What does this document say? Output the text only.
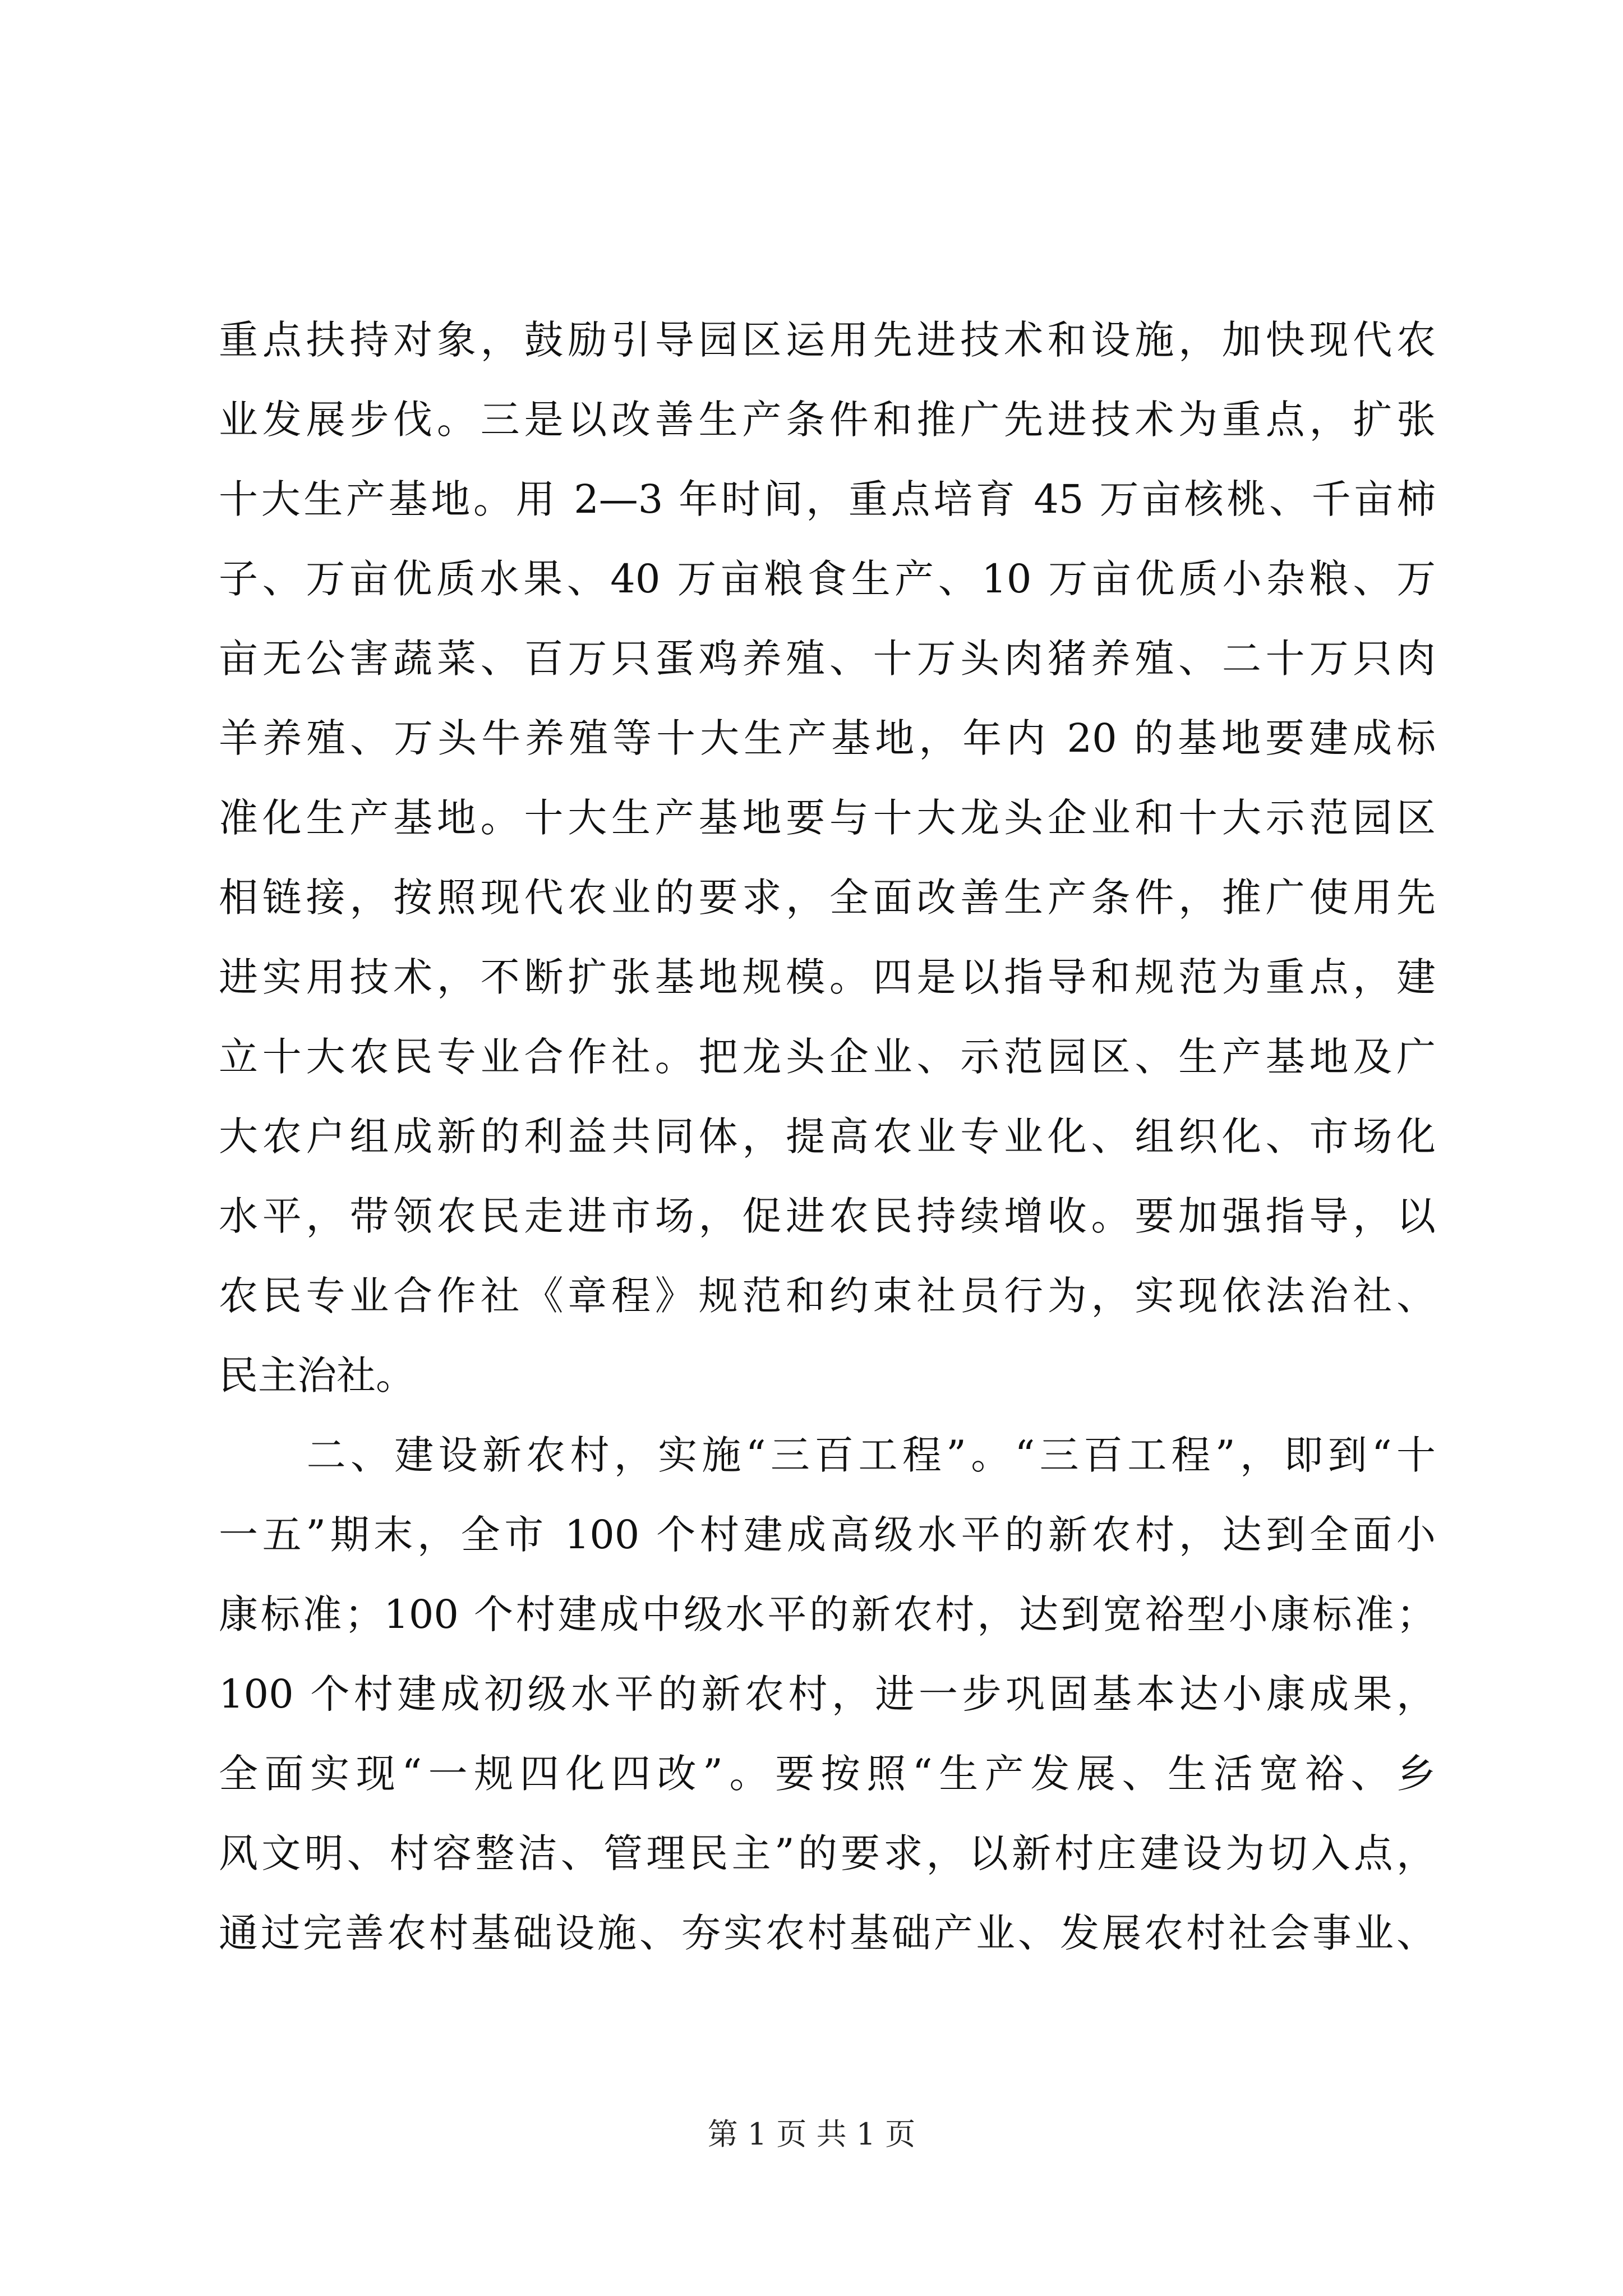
重点扶持对象，鼓励引导园区运用先进技术和设施，加快现代农
业发展步伐。三是以改善生产条件和推广先进技术为重点，扩张
十大生产基地。用 2—3 年时间，重点培育 45 万亩核桃、千亩柿
子、万亩优质水果、40 万亩粮食生产、10 万亩优质小杂粮、万
亩无公害蔬菜、百万只蛋鸡养殖、十万头肉猪养殖、二十万只肉
羊养殖、万头牛养殖等十大生产基地，年内 20 的基地要建成标
准化生产基地。十大生产基地要与十大龙头企业和十大示范园区
相链接，按照现代农业的要求，全面改善生产条件，推广使用先
进实用技术，不断扩张基地规模。四是以指导和规范为重点，建
立十大农民专业合作社。把龙头企业、示范园区、生产基地及广
大农户组成新的利益共同体，提高农业专业化、组织化、市场化
水平，带领农民走进市场，促进农民持续增收。要加强指导，以
农民专业合作社《章程》规范和约束社员行为，实现依法治社、
民主治社。
　　二、建设新农村，实施“三百工程”。“三百工程”，即到“十
一五”期末，全市 100 个村建成高级水平的新农村，达到全面小
康标准；100 个村建成中级水平的新农村，达到宽裕型小康标准；
100 个村建成初级水平的新农村，进一步巩固基本达小康成果，
全面实现“一规四化四改”。要按照“生产发展、生活宽裕、乡
风文明、村容整洁、管理民主”的要求，以新村庄建设为切入点，
通过完善农村基础设施、夯实农村基础产业、发展农村社会事业、
第 1 页 共 1 页
